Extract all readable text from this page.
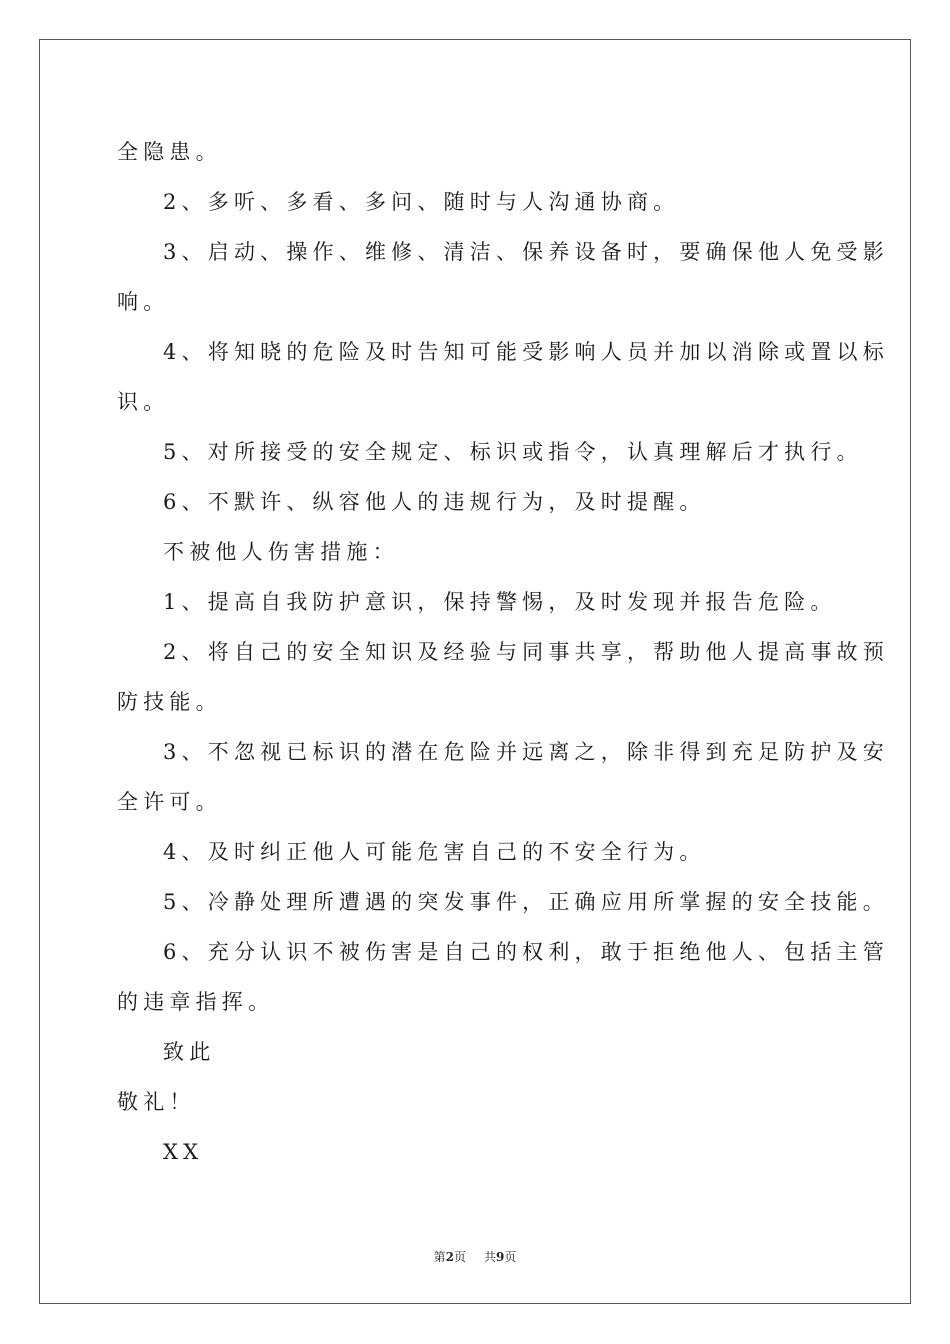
全隐患。
2、多听、多看、多问、随时与人沟通协商。
3、启动、操作、维修、清洁、保养设备时，要确保他人免受影
响。
4、将知晓的危险及时告知可能受影响人员并加以消除或置以标
识。
5、对所接受的安全规定、标识或指令，认真理解后才执行。
6、不默许、纵容他人的违规行为，及时提醒。
不被他人伤害措施：
1、提高自我防护意识，保持警惕，及时发现并报告危险。
2、将自己的安全知识及经验与同事共享，帮助他人提高事故预
防技能。
3、不忽视已标识的潜在危险并远离之，除非得到充足防护及安
全许可。
4、及时纠正他人可能危害自己的不安全行为。
5、冷静处理所遭遇的突发事件，正确应用所掌握的安全技能。
6、充分认识不被伤害是自己的权利，敢于拒绝他人、包括主管
的违章指挥。
致此
敬礼！
XX
第2页 共9页
